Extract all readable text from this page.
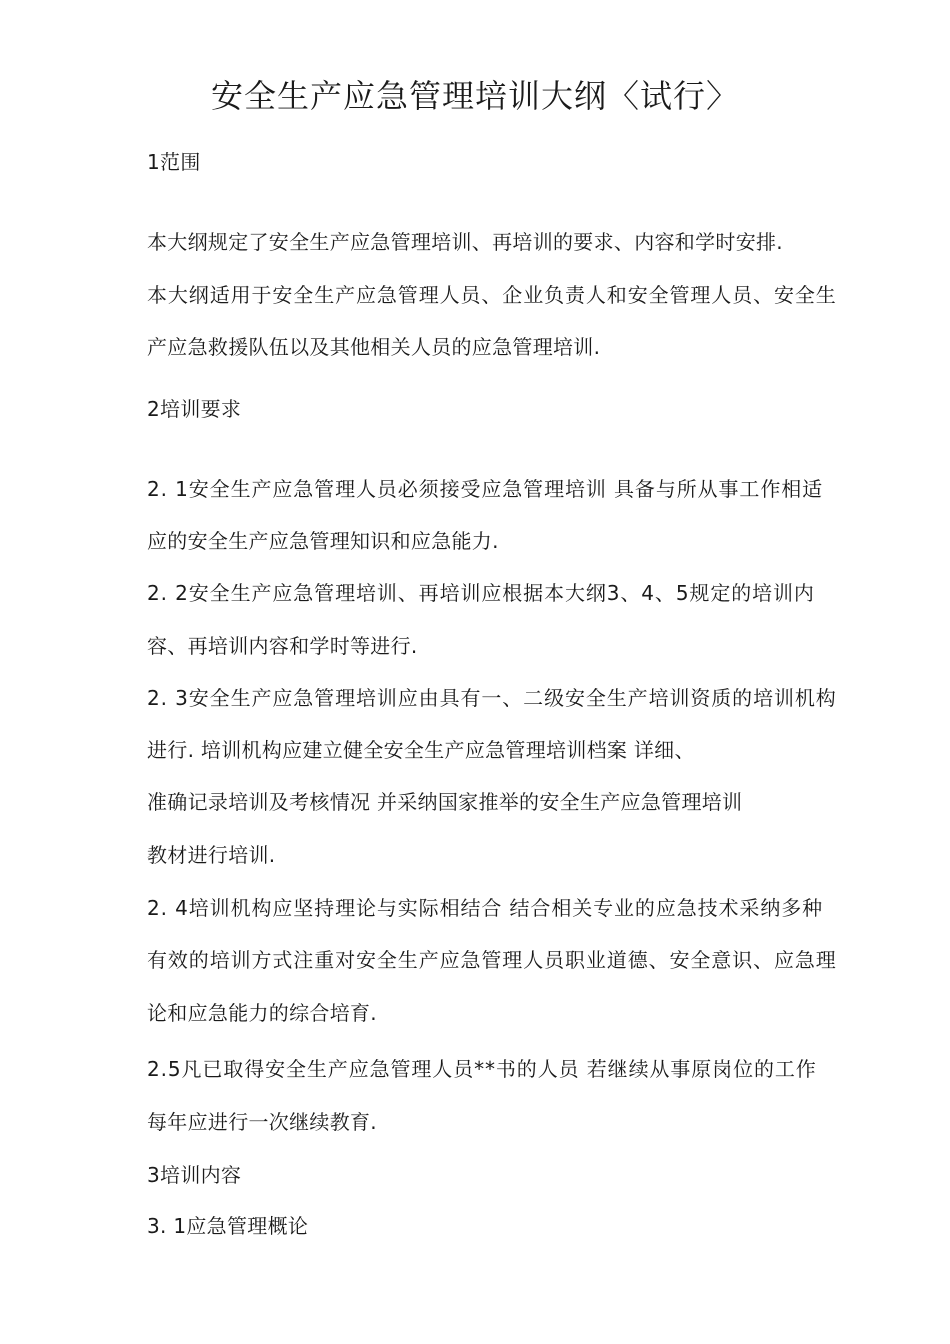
安全生产应急管理培训大纲〈试行〉
1范围
本大纲规定了安全生产应急管理培训、再培训的要求、内容和学时安排.
本大纲适用于安全生产应急管理人员、企业负责人和安全管理人员、安全生
产应急救援队伍以及其他相关人员的应急管理培训.
2培训要求
2. 1安全生产应急管理人员必须接受应急管理培训 具备与所从事工作相适
应的安全生产应急管理知识和应急能力.
2. 2安全生产应急管理培训、再培训应根据本大纲3、4、5规定的培训内
容、再培训内容和学时等进行.
2. 3安全生产应急管理培训应由具有一、二级安全生产培训资质的培训机构
进行. 培训机构应建立健全安全生产应急管理培训档案 详细、
准确记录培训及考核情况 并采纳国家推举的安全生产应急管理培训
教材进行培训.
2. 4培训机构应坚持理论与实际相结合 结合相关专业的应急技术采纳多种
有效的培训方式注重对安全生产应急管理人员职业道德、安全意识、应急理
论和应急能力的综合培育.
2.5凡已取得安全生产应急管理人员**书的人员 若继续从事原岗位的工作
每年应进行一次继续教育.
3培训内容
3. 1应急管理概论
